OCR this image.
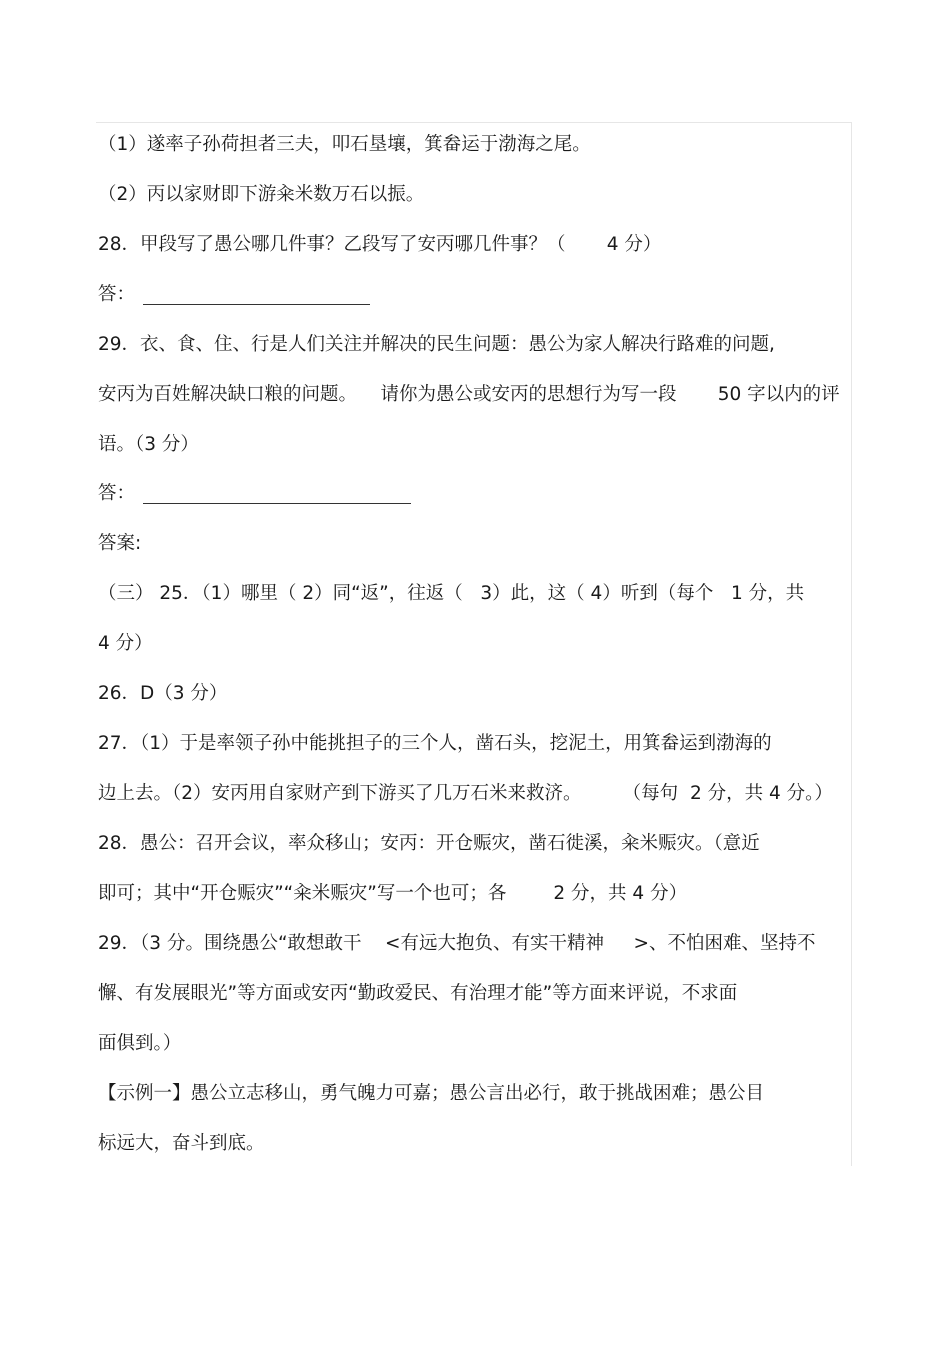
（1）遂率子孙荷担者三夫，叩石垦壤，箕畚运于渤海之尾。

（2）丙以家财即下游籴米数万石以振。

28．甲段写了愚公哪几件事？乙段写了安丙哪几件事？（       4 分）

答：

29．衣、食、住、行是人们关注并解决的民生问题：愚公为家人解决行路难的问题,

安丙为百姓解决缺口粮的问题。    请你为愚公或安丙的思想行为写一段       50 字以内的评

语。（3 分）

答：

答案:

（三） 25．（1）哪里（ 2）同“返”，往返（   3）此，这（ 4）听到（每个   1 分，共

4 分）

26．D（3 分）

27．（1）于是率领子孙中能挑担子的三个人，凿石头，挖泥土，用箕畚运到渤海的

边上去。（2）安丙用自家财产到下游买了几万石米来救济。       （每句  2 分，共 4 分。）

28．愚公：召开会议，率众移山；安丙：开仓赈灾，凿石徙溪，籴米赈灾。（意近

即可；其中“开仓赈灾”“籴米赈灾”写一个也可；各        2 分，共 4 分）

29．（3 分。围绕愚公“敢想敢干    <有远大抱负、有实干精神     >、不怕困难、坚持不

懈、有发展眼光”等方面或安丙“勤政爱民、有治理才能”等方面来评说，不求面

面俱到。）

【示例一】愚公立志移山，勇气魄力可嘉；愚公言出必行，敢于挑战困难；愚公目

标远大，奋斗到底。
